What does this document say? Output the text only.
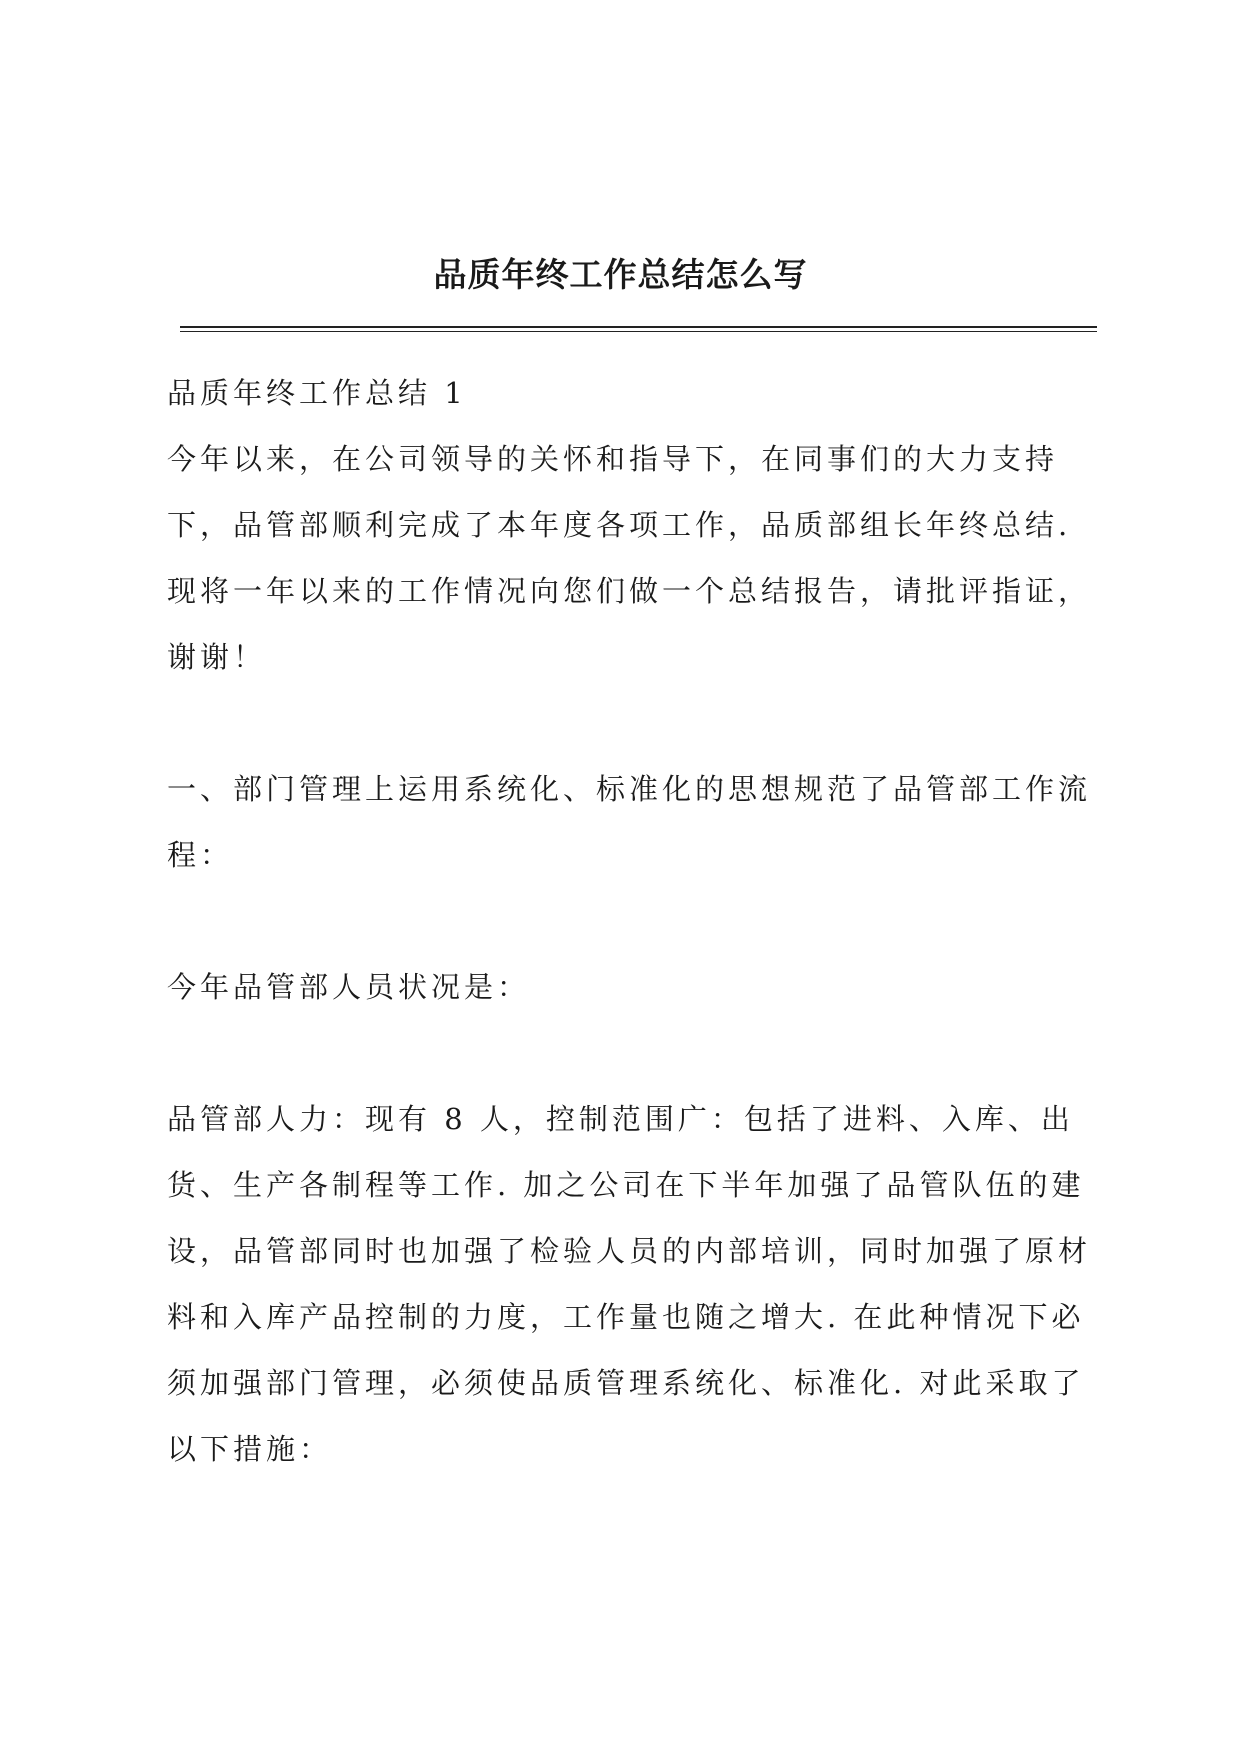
品质年终工作总结怎么写

品质年终工作总结 1

今年以来，在公司领导的关怀和指导下，在同事们的大力支持下，品管部顺利完成了本年度各项工作，品质部组长年终总结. 现将一年以来的工作情况向您们做一个总结报告，请批评指证，谢谢！

一、部门管理上运用系统化、标准化的思想规范了品管部工作流程：

今年品管部人员状况是：

品管部人力：现有 8 人，控制范围广：包括了进料、入库、出货、生产各制程等工作. 加之公司在下半年加强了品管队伍的建设，品管部同时也加强了检验人员的内部培训，同时加强了原材料和入库产品控制的力度，工作量也随之增大. 在此种情况下必须加强部门管理，必须使品质管理系统化、标准化. 对此采取了以下措施：
